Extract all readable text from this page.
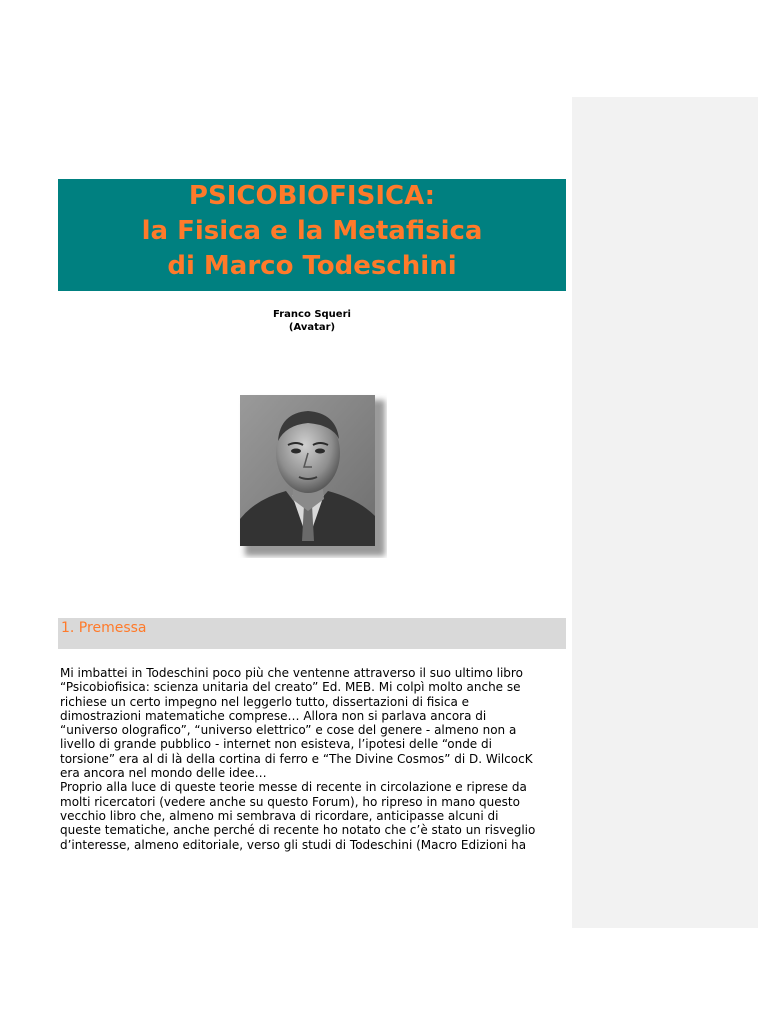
PSICOBIOFISICA:
la Fisica e la Metafisica
di Marco Todeschini
Franco Squeri
(Avatar)
1. Premessa
Mi imbattei in Todeschini poco più che ventenne attraverso il suo ultimo libro
“Psicobiofisica: scienza unitaria del creato” Ed. MEB. Mi colpì molto anche se
richiese un certo impegno nel leggerlo tutto, dissertazioni di fisica e
dimostrazioni matematiche comprese… Allora non si parlava ancora di
“universo olografico”, “universo elettrico” e cose del genere - almeno non a
livello di grande pubblico - internet non esisteva, l’ipotesi delle “onde di
torsione” era al di là della cortina di ferro e “The Divine Cosmos” di D. WilcocK
era ancora nel mondo delle idee…
Proprio alla luce di queste teorie messe di recente in circolazione e riprese da
molti ricercatori (vedere anche su questo Forum), ho ripreso in mano questo
vecchio libro che, almeno mi sembrava di ricordare, anticipasse alcuni di
queste tematiche, anche perché di recente ho notato che c’è stato un risveglio
d’interesse, almeno editoriale, verso gli studi di Todeschini (Macro Edizioni ha
